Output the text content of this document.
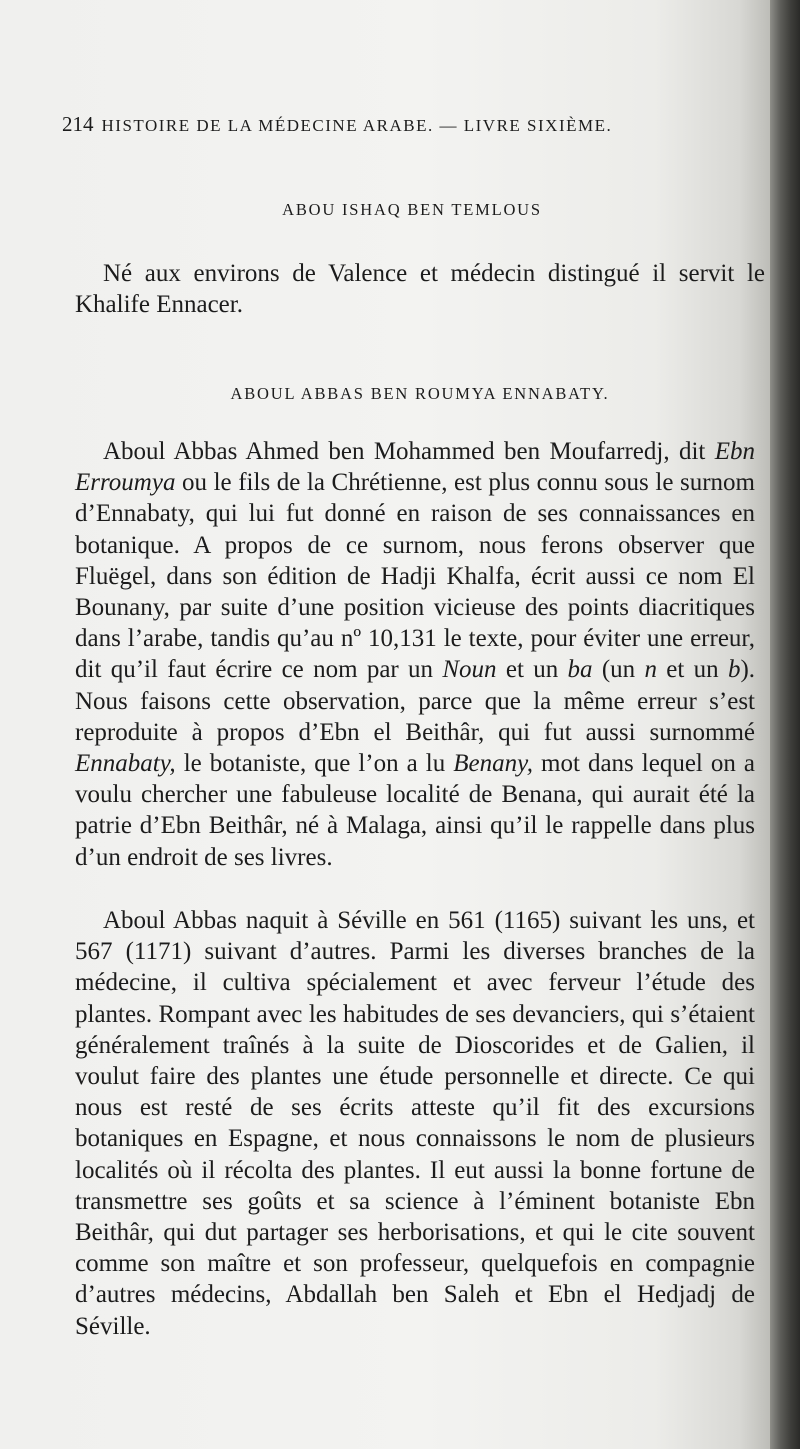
214 HISTOIRE DE LA MÉDECINE ARABE. — LIVRE SIXIÈME.
ABOU ISHAQ BEN TEMLOUS

Né aux environs de Valence et médecin distingué il servit le Khalife Ennacer.

ABOUL ABBAS BEN ROUMYA ENNABATY.

Aboul Abbas Ahmed ben Mohammed ben Moufarredj, dit Ebn Erroumya ou le fils de la Chrétienne, est plus connu sous le surnom d’Ennabaty, qui lui fut donné en raison de ses connaissances en botanique. A propos de ce surnom, nous ferons observer que Fluëgel, dans son édition de Hadji Khalfa, écrit aussi ce nom El Bounany, par suite d’une position vicieuse des points diacritiques dans l’arabe, tandis qu’au nº 10,131 le texte, pour éviter une erreur, dit qu’il faut écrire ce nom par un Noun et un ba (un n et un b). Nous faisons cette observation, parce que la même erreur s’est reproduite à propos d’Ebn el Beithâr, qui fut aussi surnommé Ennabaty, le botaniste, que l’on a lu Benany, mot dans lequel on a voulu chercher une fabuleuse localité de Benana, qui aurait été la patrie d’Ebn Beithâr, né à Malaga, ainsi qu’il le rappelle dans plus d’un endroit de ses livres.

Aboul Abbas naquit à Séville en 561 (1165) suivant les uns, et 567 (1171) suivant d’autres. Parmi les diverses branches de la médecine, il cultiva spécialement et avec ferveur l’étude des plantes. Rompant avec les habitudes de ses devanciers, qui s’étaient généralement traînés à la suite de Dioscorides et de Galien, il voulut faire des plantes une étude personnelle et directe. Ce qui nous est resté de ses écrits atteste qu’il fit des excursions botaniques en Espagne, et nous connaissons le nom de plusieurs localités où il récolta des plantes. Il eut aussi la bonne fortune de transmettre ses goûts et sa science à l’éminent botaniste Ebn Beithâr, qui dut partager ses herborisations, et qui le cite souvent comme son maître et son professeur, quelquefois en compagnie d’autres médecins, Abdallah ben Saleh et Ebn el Hedjadj de Séville.
